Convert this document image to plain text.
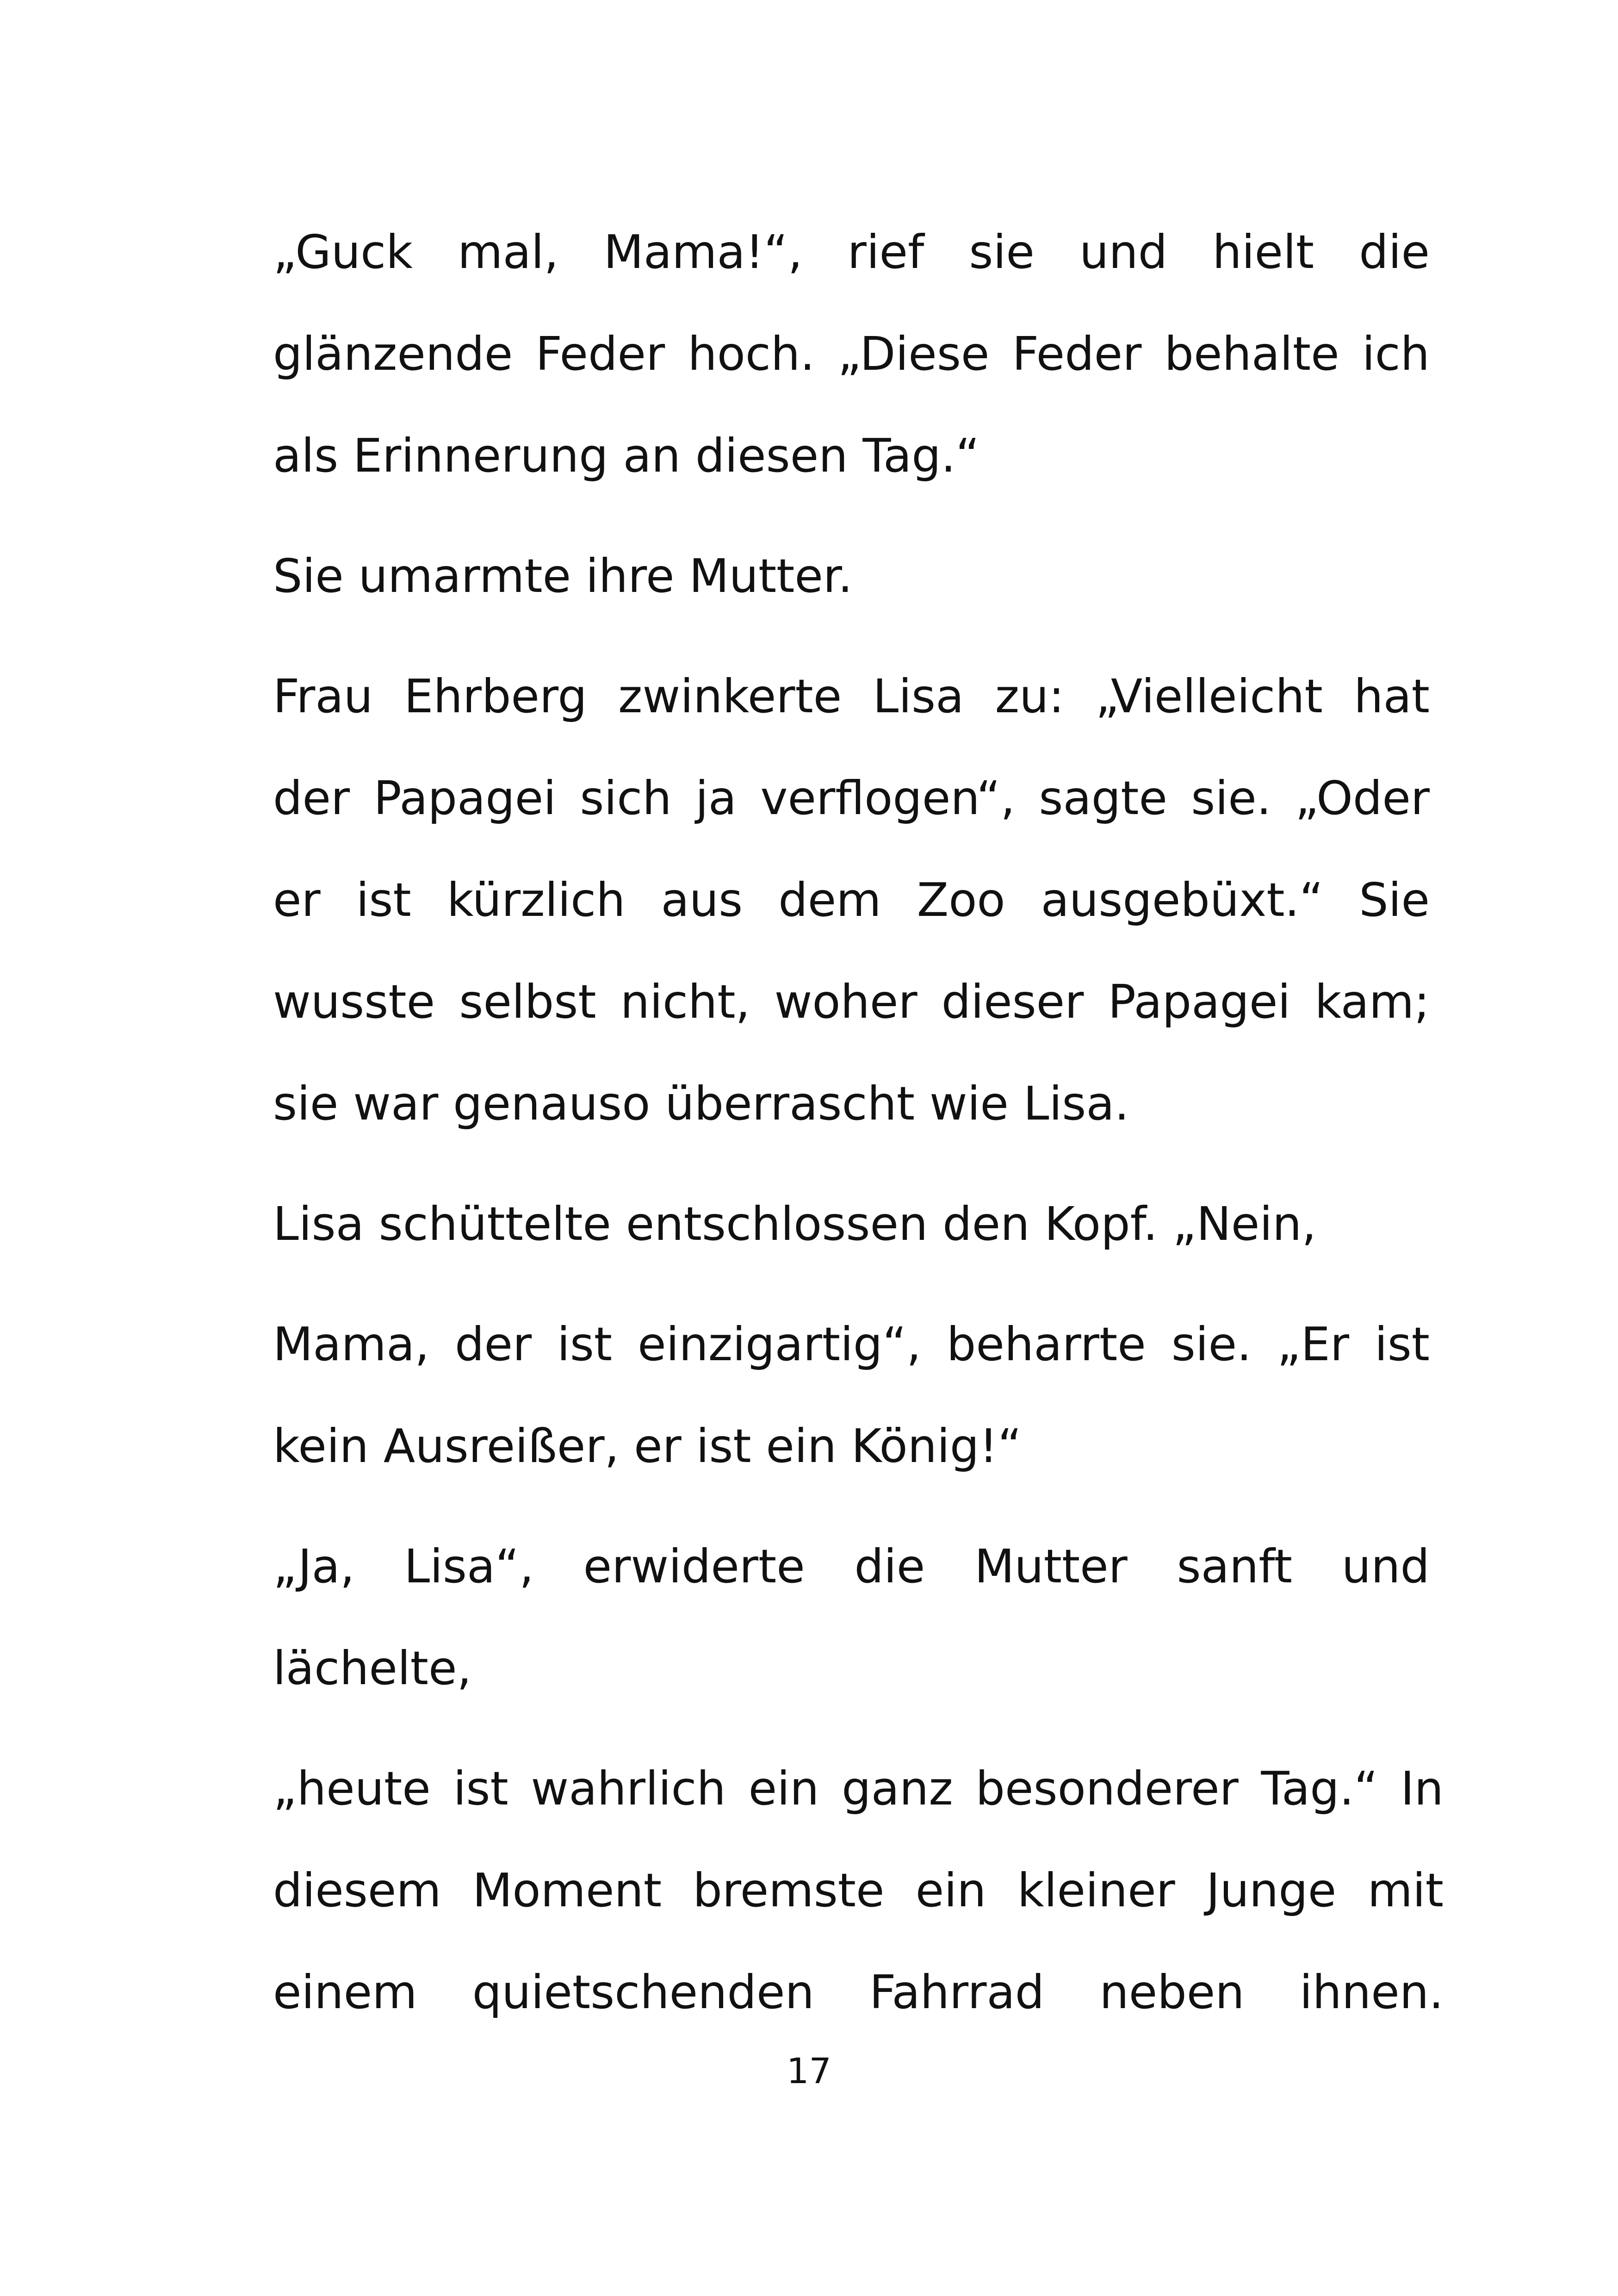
„Guck mal, Mama!“, rief sie und hielt die

glänzende Feder hoch. „Diese Feder behalte ich

als Erinnerung an diesen Tag.“

Sie umarmte ihre Mutter.

Frau Ehrberg zwinkerte Lisa zu: „Vielleicht hat

der Papagei sich ja verflogen“, sagte sie. „Oder

er ist kürzlich aus dem Zoo ausgebüxt.“ Sie

wusste selbst nicht, woher dieser Papagei kam;

sie war genauso überrascht wie Lisa.

Lisa schüttelte entschlossen den Kopf. „Nein,

Mama, der ist einzigartig“, beharrte sie. „Er ist

kein Ausreißer, er ist ein König!“

„Ja, Lisa“, erwiderte die Mutter sanft und

lächelte,

„heute ist wahrlich ein ganz besonderer Tag.“ In

diesem Moment bremste ein kleiner Junge mit

einem quietschenden Fahrrad neben ihnen.

17
